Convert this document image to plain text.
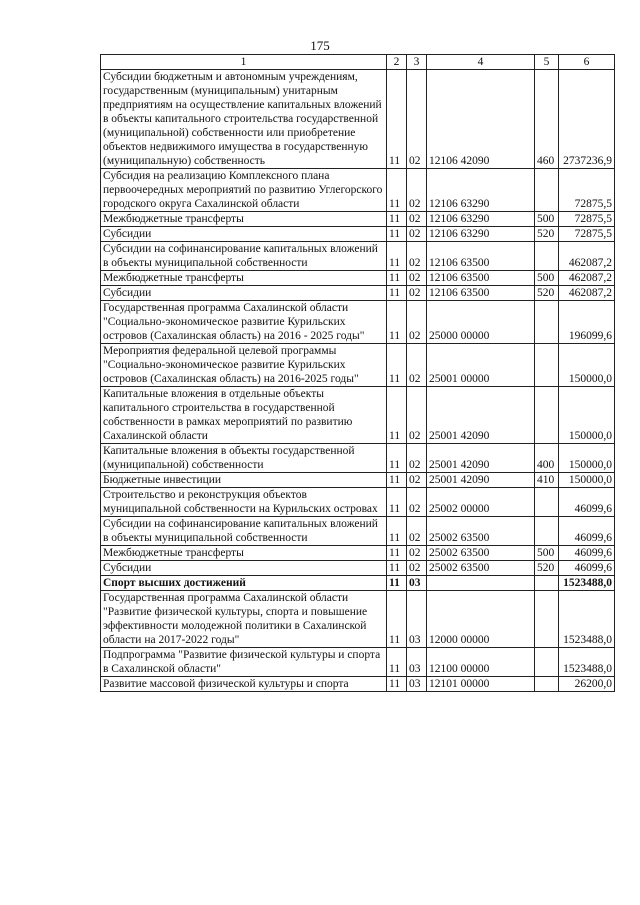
175
1	2	3	4	5	6
Субсидии бюджетным и автономным учреждениям, государственным (муниципальным) унитарным предприятиям на осуществление капитальных вложений в объекты капитального строительства государственной (муниципальной) собственности или приобретение объектов недвижимого имущества в государственную (муниципальную) собственность	11	02	12106 42090	460	2737236,9
Субсидия на реализацию Комплексного плана первоочередных мероприятий по развитию Углегорского городского округа Сахалинской области	11	02	12106 63290		72875,5
Межбюджетные трансферты	11	02	12106 63290	500	72875,5
Субсидии	11	02	12106 63290	520	72875,5
Субсидии на софинансирование капитальных вложений в объекты муниципальной собственности	11	02	12106 63500		462087,2
Межбюджетные трансферты	11	02	12106 63500	500	462087,2
Субсидии	11	02	12106 63500	520	462087,2
Государственная программа Сахалинской области "Социально-экономическое развитие Курильских островов (Сахалинская область) на 2016 - 2025 годы"	11	02	25000 00000		196099,6
Мероприятия федеральной целевой программы "Социально-экономическое развитие Курильских островов (Сахалинская область) на 2016-2025 годы"	11	02	25001 00000		150000,0
Капитальные вложения в отдельные объекты капитального строительства в государственной собственности в рамках мероприятий по развитию Сахалинской области	11	02	25001 42090		150000,0
Капитальные вложения в объекты государственной (муниципальной) собственности	11	02	25001 42090	400	150000,0
Бюджетные инвестиции	11	02	25001 42090	410	150000,0
Строительство и реконструкция объектов муниципальной собственности на Курильских островах	11	02	25002 00000		46099,6
Субсидии на софинансирование капитальных вложений в объекты муниципальной собственности	11	02	25002 63500		46099,6
Межбюджетные трансферты	11	02	25002 63500	500	46099,6
Субсидии	11	02	25002 63500	520	46099,6
Спорт высших достижений	11	03			1523488,0
Государственная программа Сахалинской области "Развитие физической культуры, спорта и повышение эффективности молодежной политики в Сахалинской области на 2017-2022 годы"	11	03	12000 00000		1523488,0
Подпрограмма "Развитие физической культуры и спорта в Сахалинской области"	11	03	12100 00000		1523488,0
Развитие массовой физической культуры и спорта	11	03	12101 00000		26200,0
